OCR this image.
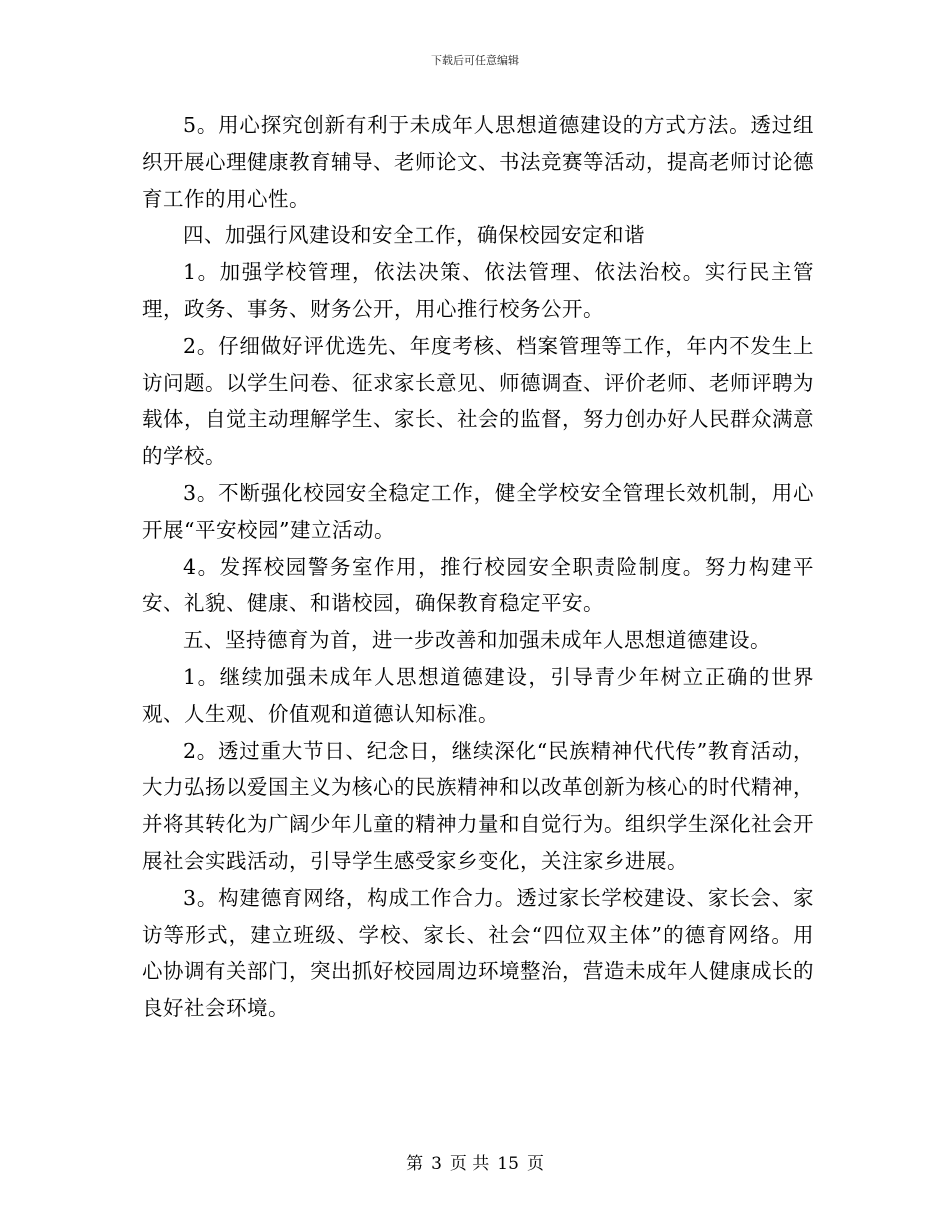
下载后可任意编辑

5。用心探究创新有利于未成年人思想道德建设的方式方法。透过组织开展心理健康教育辅导、老师论文、书法竞赛等活动，提高老师讨论德育工作的用心性。

四、加强行风建设和安全工作，确保校园安定和谐

1。加强学校管理，依法决策、依法管理、依法治校。实行民主管理，政务、事务、财务公开，用心推行校务公开。

2。仔细做好评优选先、年度考核、档案管理等工作，年内不发生上访问题。以学生问卷、征求家长意见、师德调查、评价老师、老师评聘为载体，自觉主动理解学生、家长、社会的监督，努力创办好人民群众满意的学校。

3。不断强化校园安全稳定工作，健全学校安全管理长效机制，用心开展“平安校园”建立活动。

4。发挥校园警务室作用，推行校园安全职责险制度。努力构建平安、礼貌、健康、和谐校园，确保教育稳定平安。

五、坚持德育为首，进一步改善和加强未成年人思想道德建设。

1。继续加强未成年人思想道德建设，引导青少年树立正确的世界观、人生观、价值观和道德认知标准。

2。透过重大节日、纪念日，继续深化“民族精神代代传”教育活动，大力弘扬以爱国主义为核心的民族精神和以改革创新为核心的时代精神，并将其转化为广阔少年儿童的精神力量和自觉行为。组织学生深化社会开展社会实践活动，引导学生感受家乡变化，关注家乡进展。

3。构建德育网络，构成工作合力。透过家长学校建设、家长会、家访等形式，建立班级、学校、家长、社会“四位双主体”的德育网络。用心协调有关部门，突出抓好校园周边环境整治，营造未成年人健康成长的良好社会环境。

第 3 页 共 15 页
